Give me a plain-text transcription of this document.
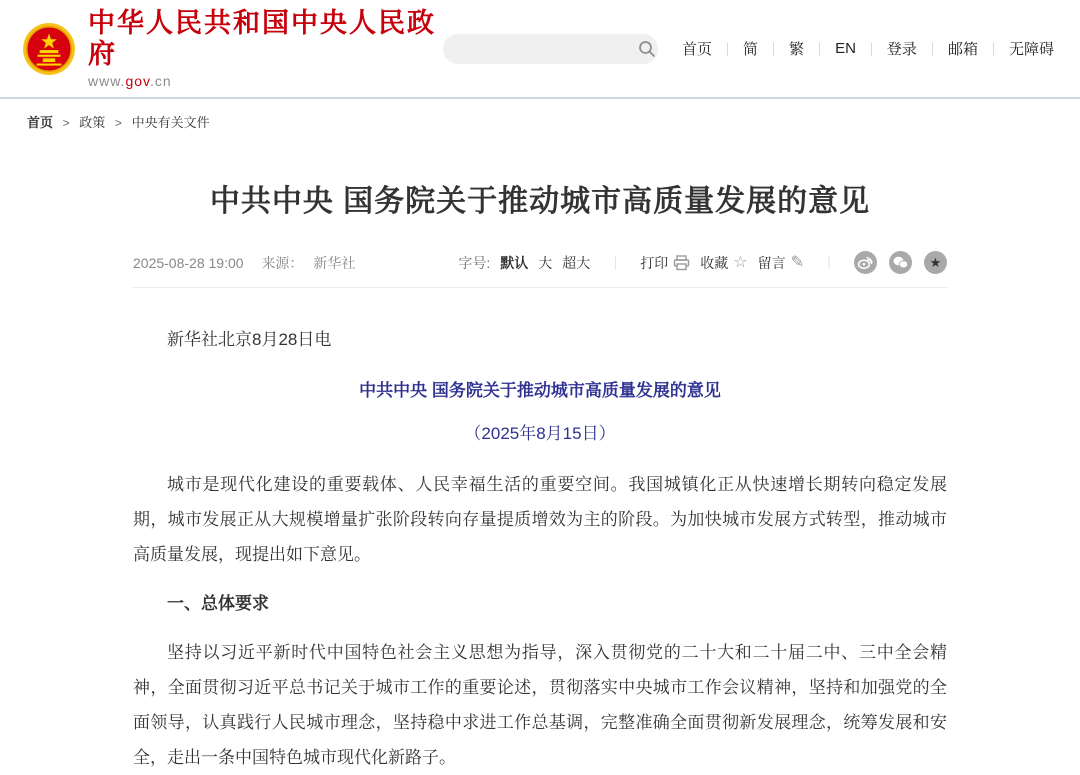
中华人民共和国中央人民政府
www.gov.cn
首页 ｜ 简 ｜ 繁 ｜ EN ｜ 登录 ｜ 邮箱 ｜ 无障碍
首页 > 政策 > 中央有关文件
中共中央 国务院关于推动城市高质量发展的意见
2025-08-28 19:00 来源： 新华社	字号: 默认 大 超大 ｜ 打印 收藏 ☆ 留言 ✎ ｜	★

新华社北京8月28日电

中共中央 国务院关于推动城市高质量发展的意见

（2025年8月15日）

城市是现代化建设的重要载体、人民幸福生活的重要空间。我国城镇化正从快速增长期转向稳定发展期，城市发展正从大规模增量扩张阶段转向存量提质增效为主的阶段。为加快城市发展方式转型，推动城市高质量发展，现提出如下意见。

一、总体要求

坚持以习近平新时代中国特色社会主义思想为指导，深入贯彻党的二十大和二十届二中、三中全会精神，全面贯彻习近平总书记关于城市工作的重要论述，贯彻落实中央城市工作会议精神，坚持和加强党的全面领导，认真践行人民城市理念，坚持稳中求进工作总基调，完整准确全面贯彻新发展理念，统筹发展和安全，走出一条中国特色城市现代化新路子。
